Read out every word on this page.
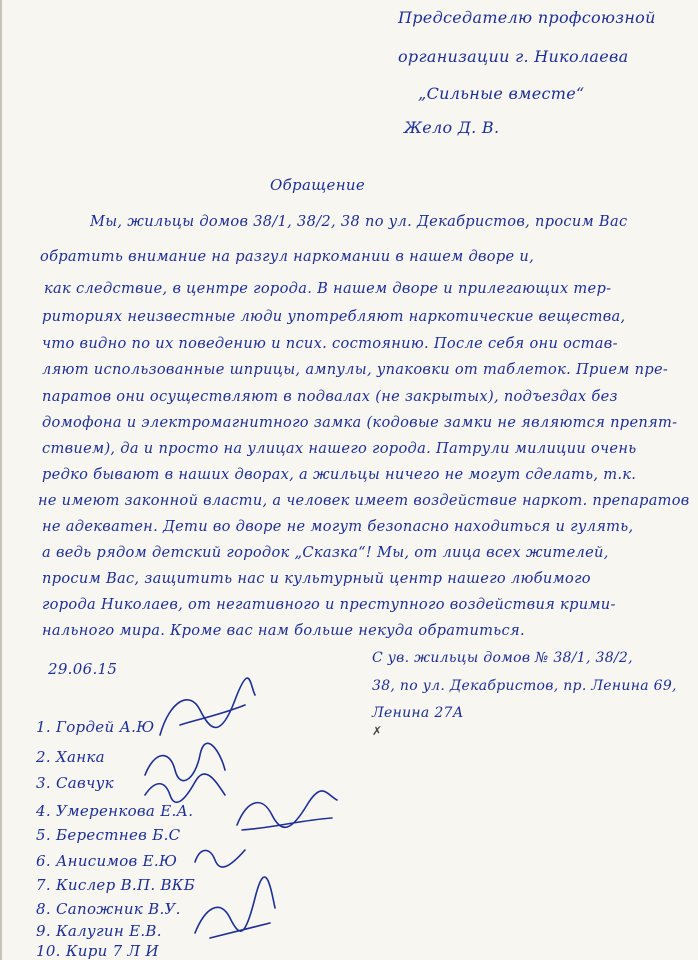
Председателю профсоюзной
организации г. Николаева
„Сильные вместе“
Жело Д. В.
Обращение
Мы, жильцы домов 38/1, 38/2, 38 по ул. Декабристов, просим Вас
обратить внимание на разгул наркомании в нашем дворе и,
как следствие, в центре города. В нашем дворе и прилегающих тер-
риториях неизвестные люди употребляют наркотические вещества,
что видно по их поведению и псих. состоянию. После себя они остав-
ляют использованные шприцы, ампулы, упаковки от таблеток. Прием пре-
паратов они осуществляют в подвалах (не закрытых), подъездах без
домофона и электромагнитного замка (кодовые замки не являются препят-
ствием), да и просто на улицах нашего города. Патрули милиции очень
редко бывают в наших дворах, а жильцы ничего не могут сделать, т.к.
не имеют законной власти, а человек имеет воздействие наркот. препаратов
не адекватен. Дети во дворе не могут безопасно находиться и гулять,
а ведь рядом детский городок „Сказка“! Мы, от лица всех жителей,
просим Вас, защитить нас и культурный центр нашего любимого
города Николаев, от негативного и преступного воздействия крими-
нального мира. Кроме вас нам больше некуда обратиться.
29.06.15
С ув. жильцы домов № 38/1, 38/2,
38, по ул. Декабристов, пр. Ленина 69,
Ленина 27А
✗
1. Гордей А.Ю
2. Ханка
3. Савчук
4. Умеренкова Е.А.
5. Берестнев Б.С
6. Анисимов Е.Ю
7. Кислер В.П. ВКБ
8. Сапожник В.У.
9. Калугин Е.В.
10. Кири 7 Л И
